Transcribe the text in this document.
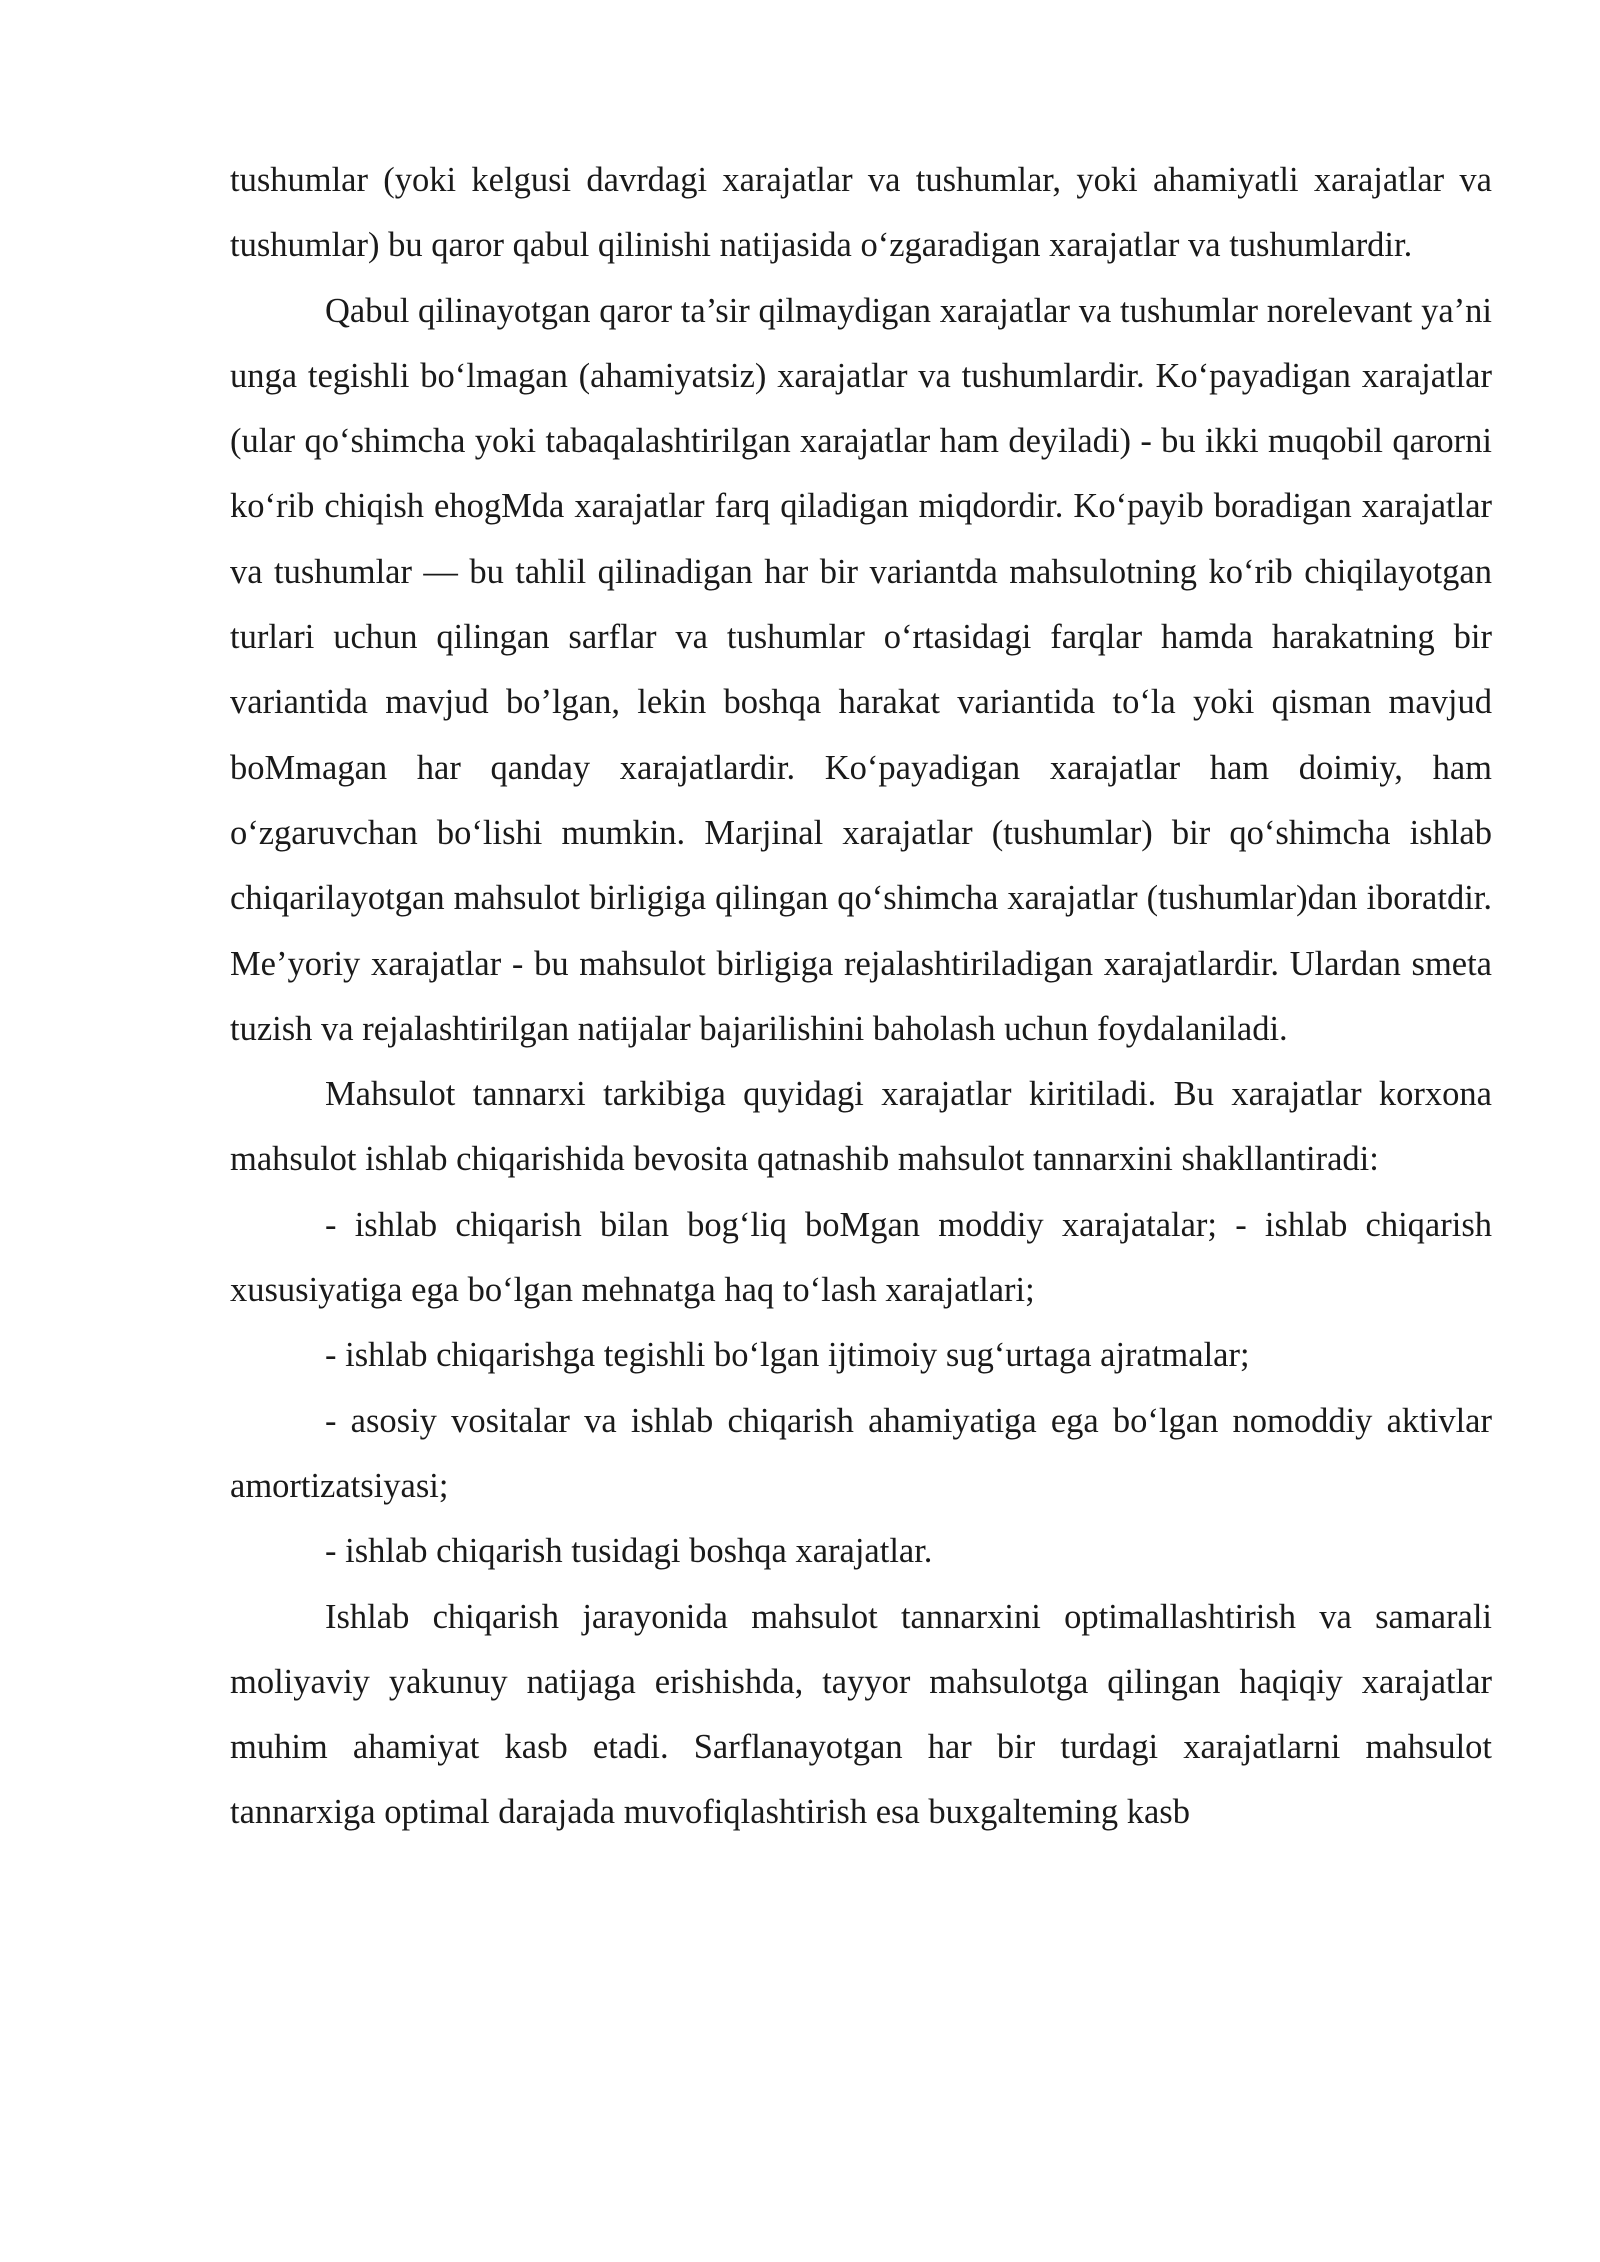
tushumlar (yoki kelgusi davrdagi xarajatlar va tushumlar, yoki ahamiyatli xarajatlar va tushumlar) bu qaror qabul qilinishi natijasida o‘zgaradigan xarajatlar va tushumlardir.

Qabul qilinayotgan qaror ta’sir qilmaydigan xarajatlar va tushumlar norelevant ya’ni unga tegishli bo‘lmagan (ahamiyatsiz) xarajatlar va tushumlardir. Ko‘payadigan xarajatlar (ular qo‘shimcha yoki tabaqalashtirilgan xarajatlar ham deyiladi) - bu ikki muqobil qarorni ko‘rib chiqish ehogMda xarajatlar farq qiladigan miqdordir. Ko‘payib boradigan xarajatlar va tushumlar — bu tahlil qilinadigan har bir variantda mahsulotning ko‘rib chiqilayotgan turlari uchun qilingan sarflar va tushumlar o‘rtasidagi farqlar hamda harakatning bir variantida mavjud bo’lgan, lekin boshqa harakat variantida to‘la yoki qisman mavjud boMmagan har qanday xarajatlardir. Ko‘payadigan xarajatlar ham doimiy, ham o‘zgaruvchan bo‘lishi mumkin. Marjinal xarajatlar (tushumlar) bir qo‘shimcha ishlab chiqarilayotgan mahsulot birligiga qilingan qo‘shimcha xarajatlar (tushumlar)dan iboratdir. Me’yoriy xarajatlar - bu mahsulot birligiga rejalashtiriladigan xarajatlardir. Ulardan smeta tuzish va rejalashtirilgan natijalar bajarilishini baholash uchun foydalaniladi.

Mahsulot tannarxi tarkibiga quyidagi xarajatlar kiritiladi. Bu xarajatlar korxona mahsulot ishlab chiqarishida bevosita qatnashib mahsulot tannarxini shakllantiradi:

- ishlab chiqarish bilan bog‘liq boMgan moddiy xarajatalar; - ishlab chiqarish xususiyatiga ega bo‘lgan mehnatga haq to‘lash xarajatlari;

- ishlab chiqarishga tegishli bo‘lgan ijtimoiy sug‘urtaga ajratmalar;

- asosiy vositalar va ishlab chiqarish ahamiyatiga ega bo‘lgan nomoddiy aktivlar amortizatsiyasi;

- ishlab chiqarish tusidagi boshqa xarajatlar.

Ishlab chiqarish jarayonida mahsulot tannarxini optimallashtirish va samarali moliyaviy yakunuy natijaga erishishda, tayyor mahsulotga qilingan haqiqiy xarajatlar muhim ahamiyat kasb etadi. Sarflanayotgan har bir turdagi xarajatlarni mahsulot tannarxiga optimal darajada muvofiqlashtirish esa buxgalteming kasb
